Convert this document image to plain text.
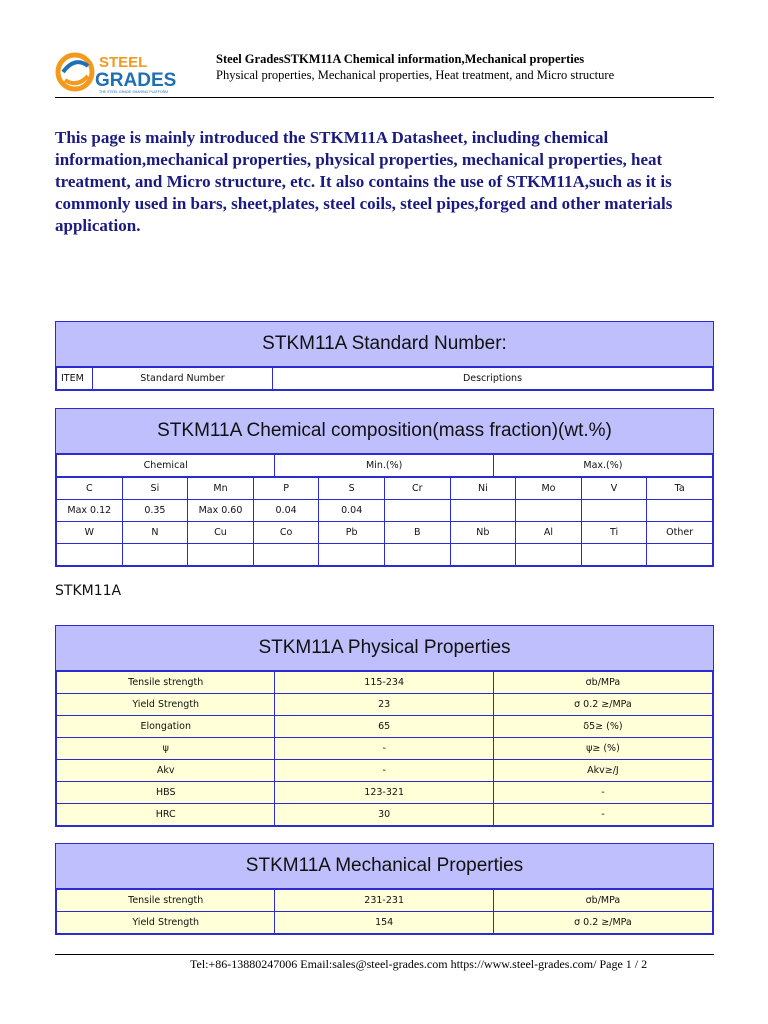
STEEL
GRADES
THE STEEL GRADE SHARING PLATFORM
Steel GradesSTKM11A Chemical information,Mechanical properties
Physical properties, Mechanical properties, Heat treatment, and Micro structure

This page is mainly introduced the STKM11A Datasheet, including chemical information,mechanical properties, physical properties, mechanical properties, heat treatment, and Micro structure, etc. It also contains the use of STKM11A,such as it is commonly used in bars, sheet,plates, steel coils, steel pipes,forged and other materials application.

STKM11A Standard Number:
ITEM	Standard Number	Descriptions
STKM11A Chemical composition(mass fraction)(wt.%)
Chemical	Min.(%)	Max.(%)
C	Si	Mn	P	S	Cr	Ni	Mo	V	Ta
Max 0.12	0.35	Max 0.60	0.04	0.04					
W	N	Cu	Co	Pb	B	Nb	Al	Ti	Other

STKM11A
STKM11A Physical Properties
Tensile strength	115-234	σb/MPa
Yield Strength	23	σ 0.2 ≥/MPa
Elongation	65	δ5≥ (%)
ψ	-	ψ≥ (%)
Akv	-	Akv≥/J
HBS	123-321	-
HRC	30	-
STKM11A Mechanical Properties
Tensile strength	231-231	σb/MPa
Yield Strength	154	σ 0.2 ≥/MPa
Tel:+86-13880247006 Email:sales@steel-grades.com https://www.steel-grades.com/ Page 1 / 2
